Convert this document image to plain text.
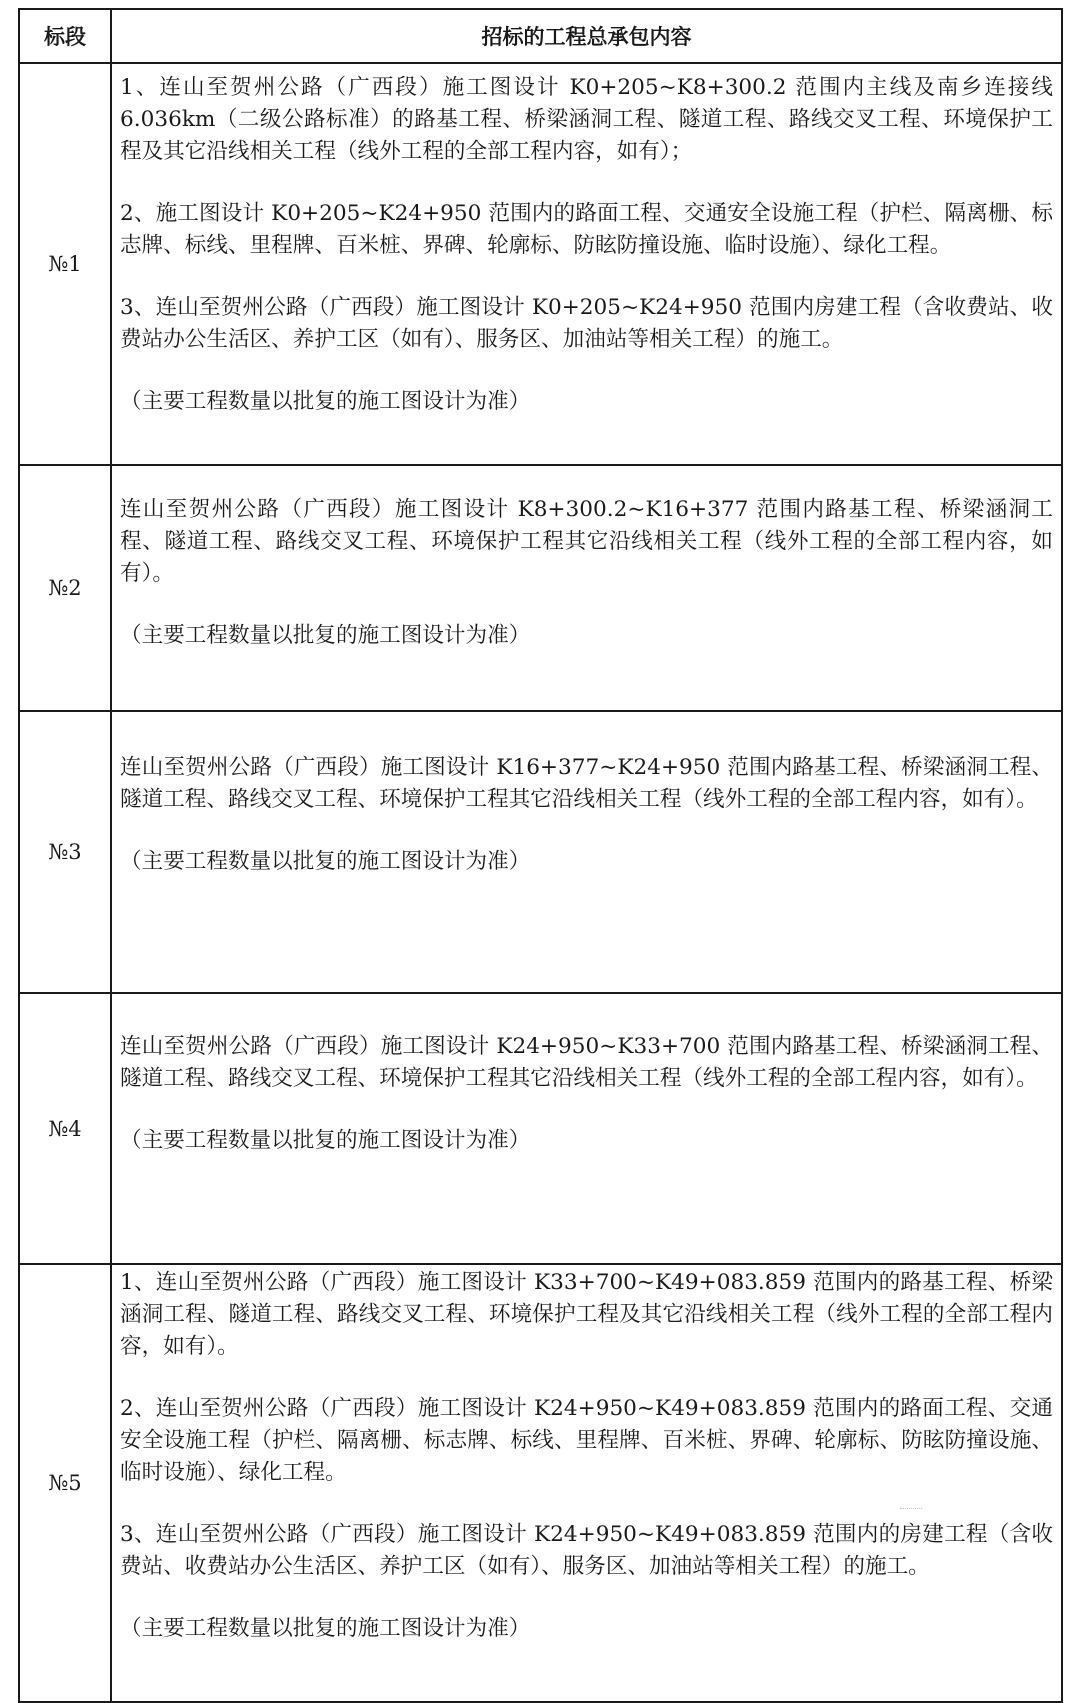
标段	招标的工程总承包内容
№1	1、连山至贺州公路（广西段）施工图设计 K0+205~K8+300.2 范围内主线及南乡连接线 6.036km（二级公路标准）的路基工程、桥梁涵洞工程、隧道工程、路线交叉工程、环境保护工程及其它沿线相关工程（线外工程的全部工程内容，如有）；

2、施工图设计 K0+205~K24+950 范围内的路面工程、交通安全设施工程（护栏、隔离栅、标志牌、标线、里程牌、百米桩、界碑、轮廓标、防眩防撞设施、临时设施）、绿化工程。

3、连山至贺州公路（广西段）施工图设计 K0+205~K24+950 范围内房建工程（含收费站、收费站办公生活区、养护工区（如有）、服务区、加油站等相关工程）的施工。

（主要工程数量以批复的施工图设计为准）

№2	连山至贺州公路（广西段）施工图设计 K8+300.2~K16+377 范围内路基工程、桥梁涵洞工程、隧道工程、路线交叉工程、环境保护工程其它沿线相关工程（线外工程的全部工程内容，如有）。

（主要工程数量以批复的施工图设计为准）

№3	连山至贺州公路（广西段）施工图设计 K16+377~K24+950 范围内路基工程、桥梁涵洞工程、隧道工程、路线交叉工程、环境保护工程其它沿线相关工程（线外工程的全部工程内容，如有）。

（主要工程数量以批复的施工图设计为准）

№4	连山至贺州公路（广西段）施工图设计 K24+950~K33+700 范围内路基工程、桥梁涵洞工程、隧道工程、路线交叉工程、环境保护工程其它沿线相关工程（线外工程的全部工程内容，如有）。

（主要工程数量以批复的施工图设计为准）

№5	1、连山至贺州公路（广西段）施工图设计 K33+700~K49+083.859 范围内的路基工程、桥梁涵洞工程、隧道工程、路线交叉工程、环境保护工程及其它沿线相关工程（线外工程的全部工程内容，如有）。

2、连山至贺州公路（广西段）施工图设计 K24+950~K49+083.859 范围内的路面工程、交通安全设施工程（护栏、隔离栅、标志牌、标线、里程牌、百米桩、界碑、轮廓标、防眩防撞设施、临时设施）、绿化工程。

3、连山至贺州公路（广西段）施工图设计 K24+950~K49+083.859 范围内的房建工程（含收费站、收费站办公生活区、养护工区（如有）、服务区、加油站等相关工程）的施工。

（主要工程数量以批复的施工图设计为准）
